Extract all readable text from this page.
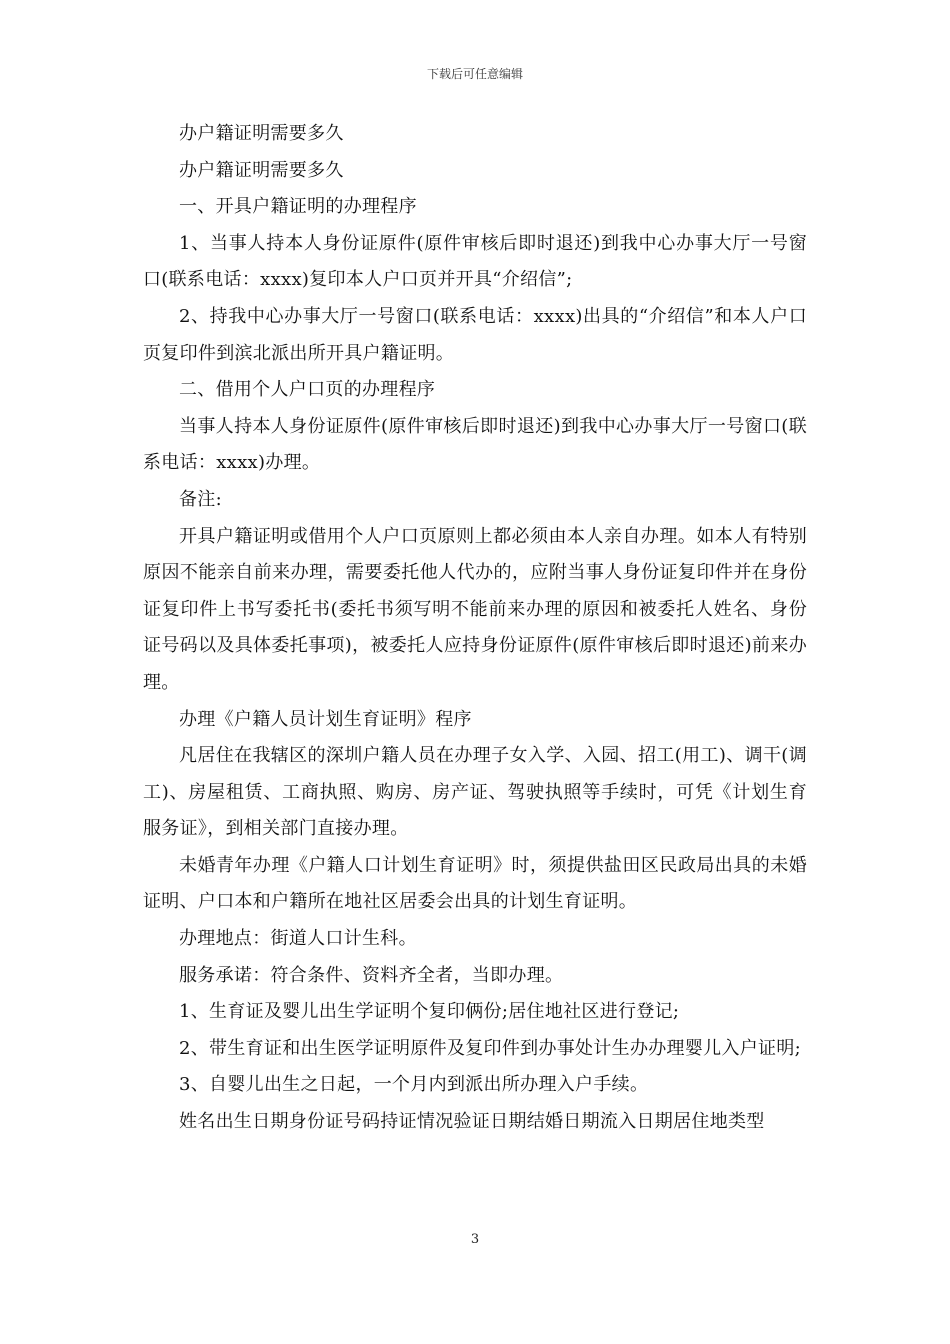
下载后可任意编辑

办户籍证明需要多久

办户籍证明需要多久

一、开具户籍证明的办理程序

1、当事人持本人身份证原件(原件审核后即时退还)到我中心办事大厅一号窗口(联系电话：xxxx)复印本人户口页并开具“介绍信”;

2、持我中心办事大厅一号窗口(联系电话：xxxx)出具的“介绍信”和本人户口页复印件到滨北派出所开具户籍证明。

二、借用个人户口页的办理程序

当事人持本人身份证原件(原件审核后即时退还)到我中心办事大厅一号窗口(联系电话：xxxx)办理。

备注:

开具户籍证明或借用个人户口页原则上都必须由本人亲自办理。如本人有特别原因不能亲自前来办理，需要委托他人代办的，应附当事人身份证复印件并在身份证复印件上书写委托书(委托书须写明不能前来办理的原因和被委托人姓名、身份证号码以及具体委托事项)，被委托人应持身份证原件(原件审核后即时退还)前来办理。

办理《户籍人员计划生育证明》程序

凡居住在我辖区的深圳户籍人员在办理子女入学、入园、招工(用工)、调干(调工)、房屋租赁、工商执照、购房、房产证、驾驶执照等手续时，可凭《计划生育服务证》，到相关部门直接办理。

未婚青年办理《户籍人口计划生育证明》时，须提供盐田区民政局出具的未婚证明、户口本和户籍所在地社区居委会出具的计划生育证明。

办理地点：街道人口计生科。

服务承诺：符合条件、资料齐全者，当即办理。

1、生育证及婴儿出生学证明个复印俩份;居住地社区进行登记;

2、带生育证和出生医学证明原件及复印件到办事处计生办办理婴儿入户证明;

3、自婴儿出生之日起，一个月内到派出所办理入户手续。

姓名出生日期身份证号码持证情况验证日期结婚日期流入日期居住地类型

3
